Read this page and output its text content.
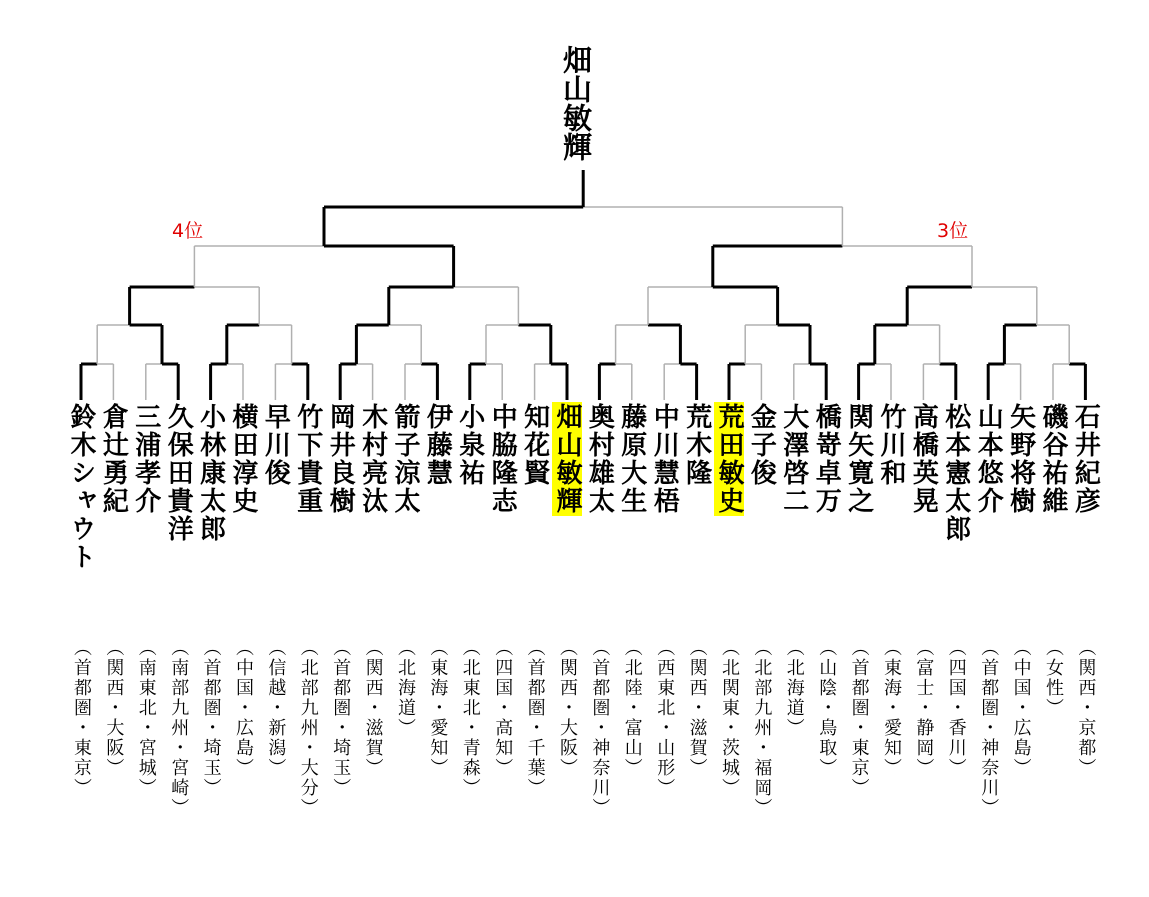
畑山敏輝
4位	3位
鈴木シャウト
（首都圏・東京）
倉辻勇紀
（関西・大阪）
三浦孝介
（南東北・宮城）
久保田貴洋
（南部九州・宮崎）
小林康太郎
（首都圏・埼玉）
横田淳史
（中国・広島）
早川俊
（信越・新潟）
竹下貴重
（北部九州・大分）
岡井良樹
（首都圏・埼玉）
木村亮汰
（関西・滋賀）
箭子涼太
（北海道）
伊藤慧
（東海・愛知）
小泉祐
（北東北・青森）
中脇隆志
（四国・高知）
知花賢
（首都圏・千葉）
畑山敏輝
（関西・大阪）
奥村雄太
（首都圏・神奈川）
藤原大生
（北陸・富山）
中川慧梧
（西東北・山形）
荒木隆
（関西・滋賀）
荒田敏史
（北関東・茨城）
金子俊
（北部九州・福岡）
大澤啓二
（北海道）
橋嵜卓万
（山陰・鳥取）
関矢寛之
（首都圏・東京）
竹川和
（東海・愛知）
高橋英晃
（富士・静岡）
松本憲太郎
（四国・香川）
山本悠介
（首都圏・神奈川）
矢野将樹
（中国・広島）
磯谷祐維
（女性）
石井紀彦
（関西・京都）
